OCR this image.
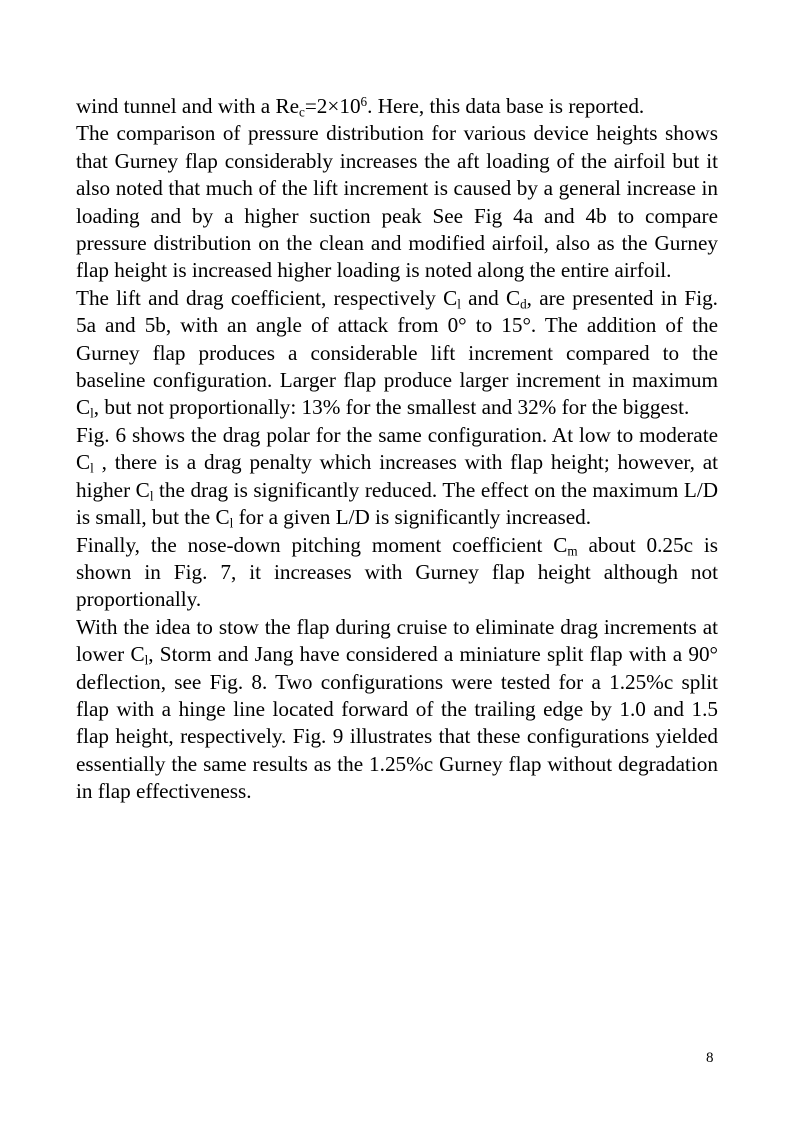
wind tunnel and with a $Re_c=2\times 10^6$. Here, this data base is reported.

The comparison of pressure distribution for various device heights shows that Gurney flap considerably increases the aft loading of the airfoil but it also noted that much of the lift increment is caused by a general increase in loading and by a higher suction peak See Fig 4a and 4b to compare pressure distribution on the clean and modified airfoil, also as the Gurney flap height is increased higher loading is noted along the entire airfoil.

The lift and drag coefficient, respectively $C_l$ and $C_d$, are presented in Fig. 5a and 5b, with an angle of attack from 0° to 15°. The addition of the Gurney flap produces a considerable lift increment compared to the baseline configuration. Larger flap produce larger increment in maximum $C_l$, but not proportionally: 13% for the smallest and 32% for the biggest.

Fig. 6 shows the drag polar for the same configuration. At low to moderate $C_l$ , there is a drag penalty which increases with flap height; however, at higher $C_l$ the drag is significantly reduced. The effect on the maximum L/D is small, but the $C_l$ for a given L/D is significantly increased.

Finally, the nose-down pitching moment coefficient $C_m$ about 0.25c is shown in Fig. 7, it increases with Gurney flap height although not proportionally.

With the idea to stow the flap during cruise to eliminate drag increments at lower $C_l$, Storm and Jang have considered a miniature split flap with a 90° deflection, see Fig. 8. Two configurations were tested for a 1.25%c split flap with a hinge line located forward of the trailing edge by 1.0 and 1.5 flap height, respectively. Fig. 9 illustrates that these configurations yielded essentially the same results as the 1.25%c Gurney flap without degradation in flap effectiveness.

8
